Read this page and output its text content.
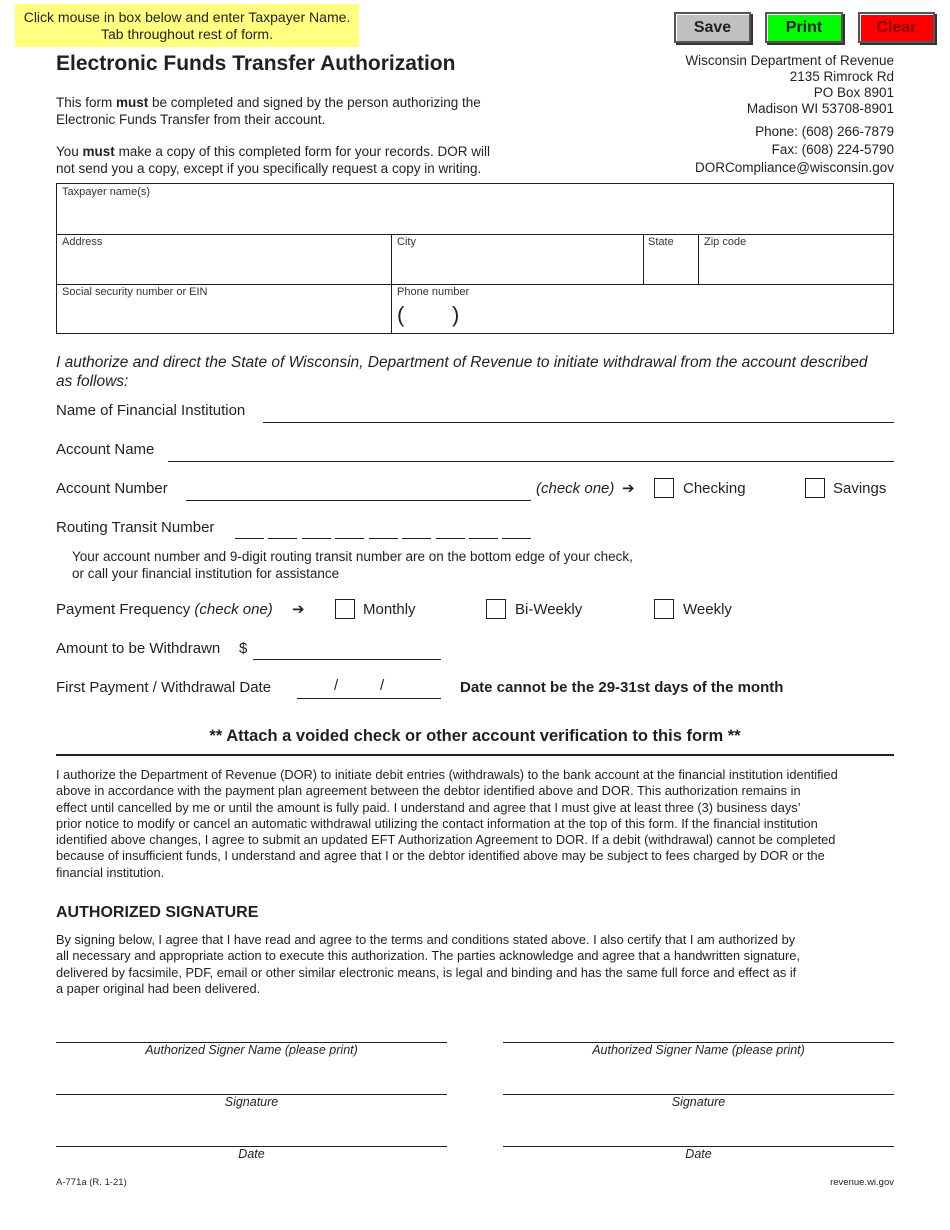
Click mouse in box below and enter Taxpayer Name.
Tab throughout rest of form.	Save	Print	Clear
Electronic Funds Transfer Authorization
This form must be completed and signed by the person authorizing the
Electronic Funds Transfer from their account.
You must make a copy of this completed form for your records. DOR will
not send you a copy, except if you specifically request a copy in writing.
Wisconsin Department of Revenue
2135 Rimrock Rd
PO Box 8901
Madison WI 53708-8901
Phone: (608) 266-7879
Fax: (608) 224-5790
DORCompliance@wisconsin.gov
Taxpayer name(s)
Address	City	State	Zip code
Social security number or EIN	Phone number
( )
I authorize and direct the State of Wisconsin, Department of Revenue to initiate withdrawal from the account described
as follows:
Name of Financial Institution
Account Name
Account Number	(check one) ➔	Checking	Savings
Routing Transit Number
Your account number and 9-digit routing transit number are on the bottom edge of your check,
or call your financial institution for assistance
Payment Frequency (check one) ➔	Monthly	Bi-Weekly	Weekly
Amount to be Withdrawn $
First Payment / Withdrawal Date	/	/	Date cannot be the 29-31st days of the month
** Attach a voided check or other account verification to this form **
I authorize the Department of Revenue (DOR) to initiate debit entries (withdrawals) to the bank account at the financial institution identified
above in accordance with the payment plan agreement between the debtor identified above and DOR. This authorization remains in
effect until cancelled by me or until the amount is fully paid. I understand and agree that I must give at least three (3) business days’
prior notice to modify or cancel an automatic withdrawal utilizing the contact information at the top of this form. If the financial institution
identified above changes, I agree to submit an updated EFT Authorization Agreement to DOR. If a debit (withdrawal) cannot be completed
because of insufficient funds, I understand and agree that I or the debtor identified above may be subject to fees charged by DOR or the
financial institution.
AUTHORIZED SIGNATURE
By signing below, I agree that I have read and agree to the terms and conditions stated above. I also certify that I am authorized by
all necessary and appropriate action to execute this authorization. The parties acknowledge and agree that a handwritten signature,
delivered by facsimile, PDF, email or other similar electronic means, is legal and binding and has the same full force and effect as if
a paper original had been delivered.
Authorized Signer Name (please print)
Signature
Date
Authorized Signer Name (please print)
Signature
Date
A-771a (R. 1-21)	revenue.wi.gov
